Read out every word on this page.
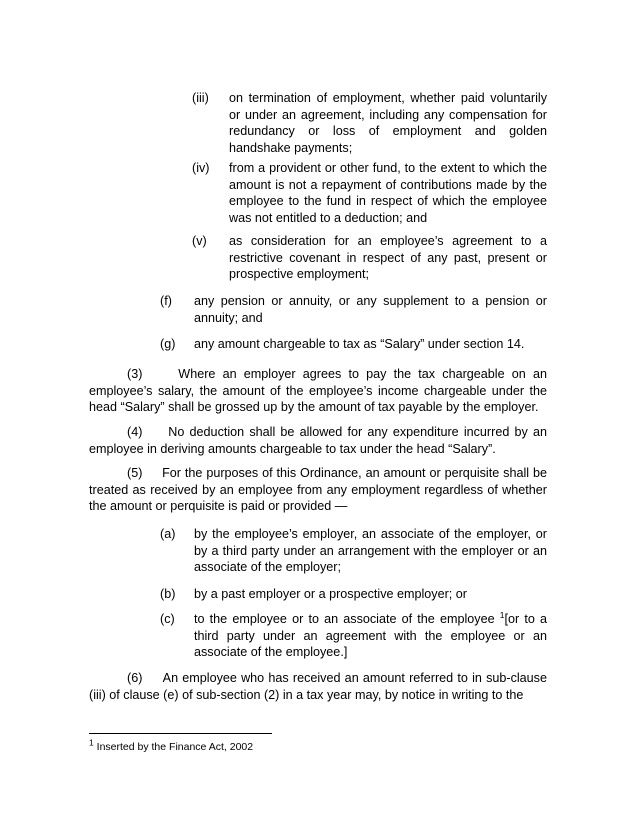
(iii) on termination of employment, whether paid voluntarily or under an agreement, including any compensation for redundancy or loss of employment and golden handshake payments;
(iv) from a provident or other fund, to the extent to which the amount is not a repayment of contributions made by the employee to the fund in respect of which the employee was not entitled to a deduction; and
(v) as consideration for an employee’s agreement to a restrictive covenant in respect of any past, present or prospective employment;
(f) any pension or annuity, or any supplement to a pension or annuity; and
(g) any amount chargeable to tax as “Salary” under section 14.
(3)     Where an employer agrees to pay the tax chargeable on an employee’s salary, the amount of the employee’s income chargeable under the head “Salary” shall be grossed up by the amount of tax payable by the employer.
(4)     No deduction shall be allowed for any expenditure incurred by an employee in deriving amounts chargeable to tax under the head “Salary”.
(5)     For the purposes of this Ordinance, an amount or perquisite shall be treated as received by an employee from any employment regardless of whether the amount or perquisite is paid or provided —
(a) by the employee’s employer, an associate of the employer, or by a third party under an arrangement with the employer or an associate of the employer;
(b) by a past employer or a prospective employer; or
(c) to the employee or to an associate of the employee $^1$[or to a third party under an agreement with the employee or an associate of the employee.]
(6)     An employee who has received an amount referred to in sub-clause (iii) of clause (e) of sub-section (2) in a tax year may, by notice in writing to the
$^1$ Inserted by the Finance Act, 2002
